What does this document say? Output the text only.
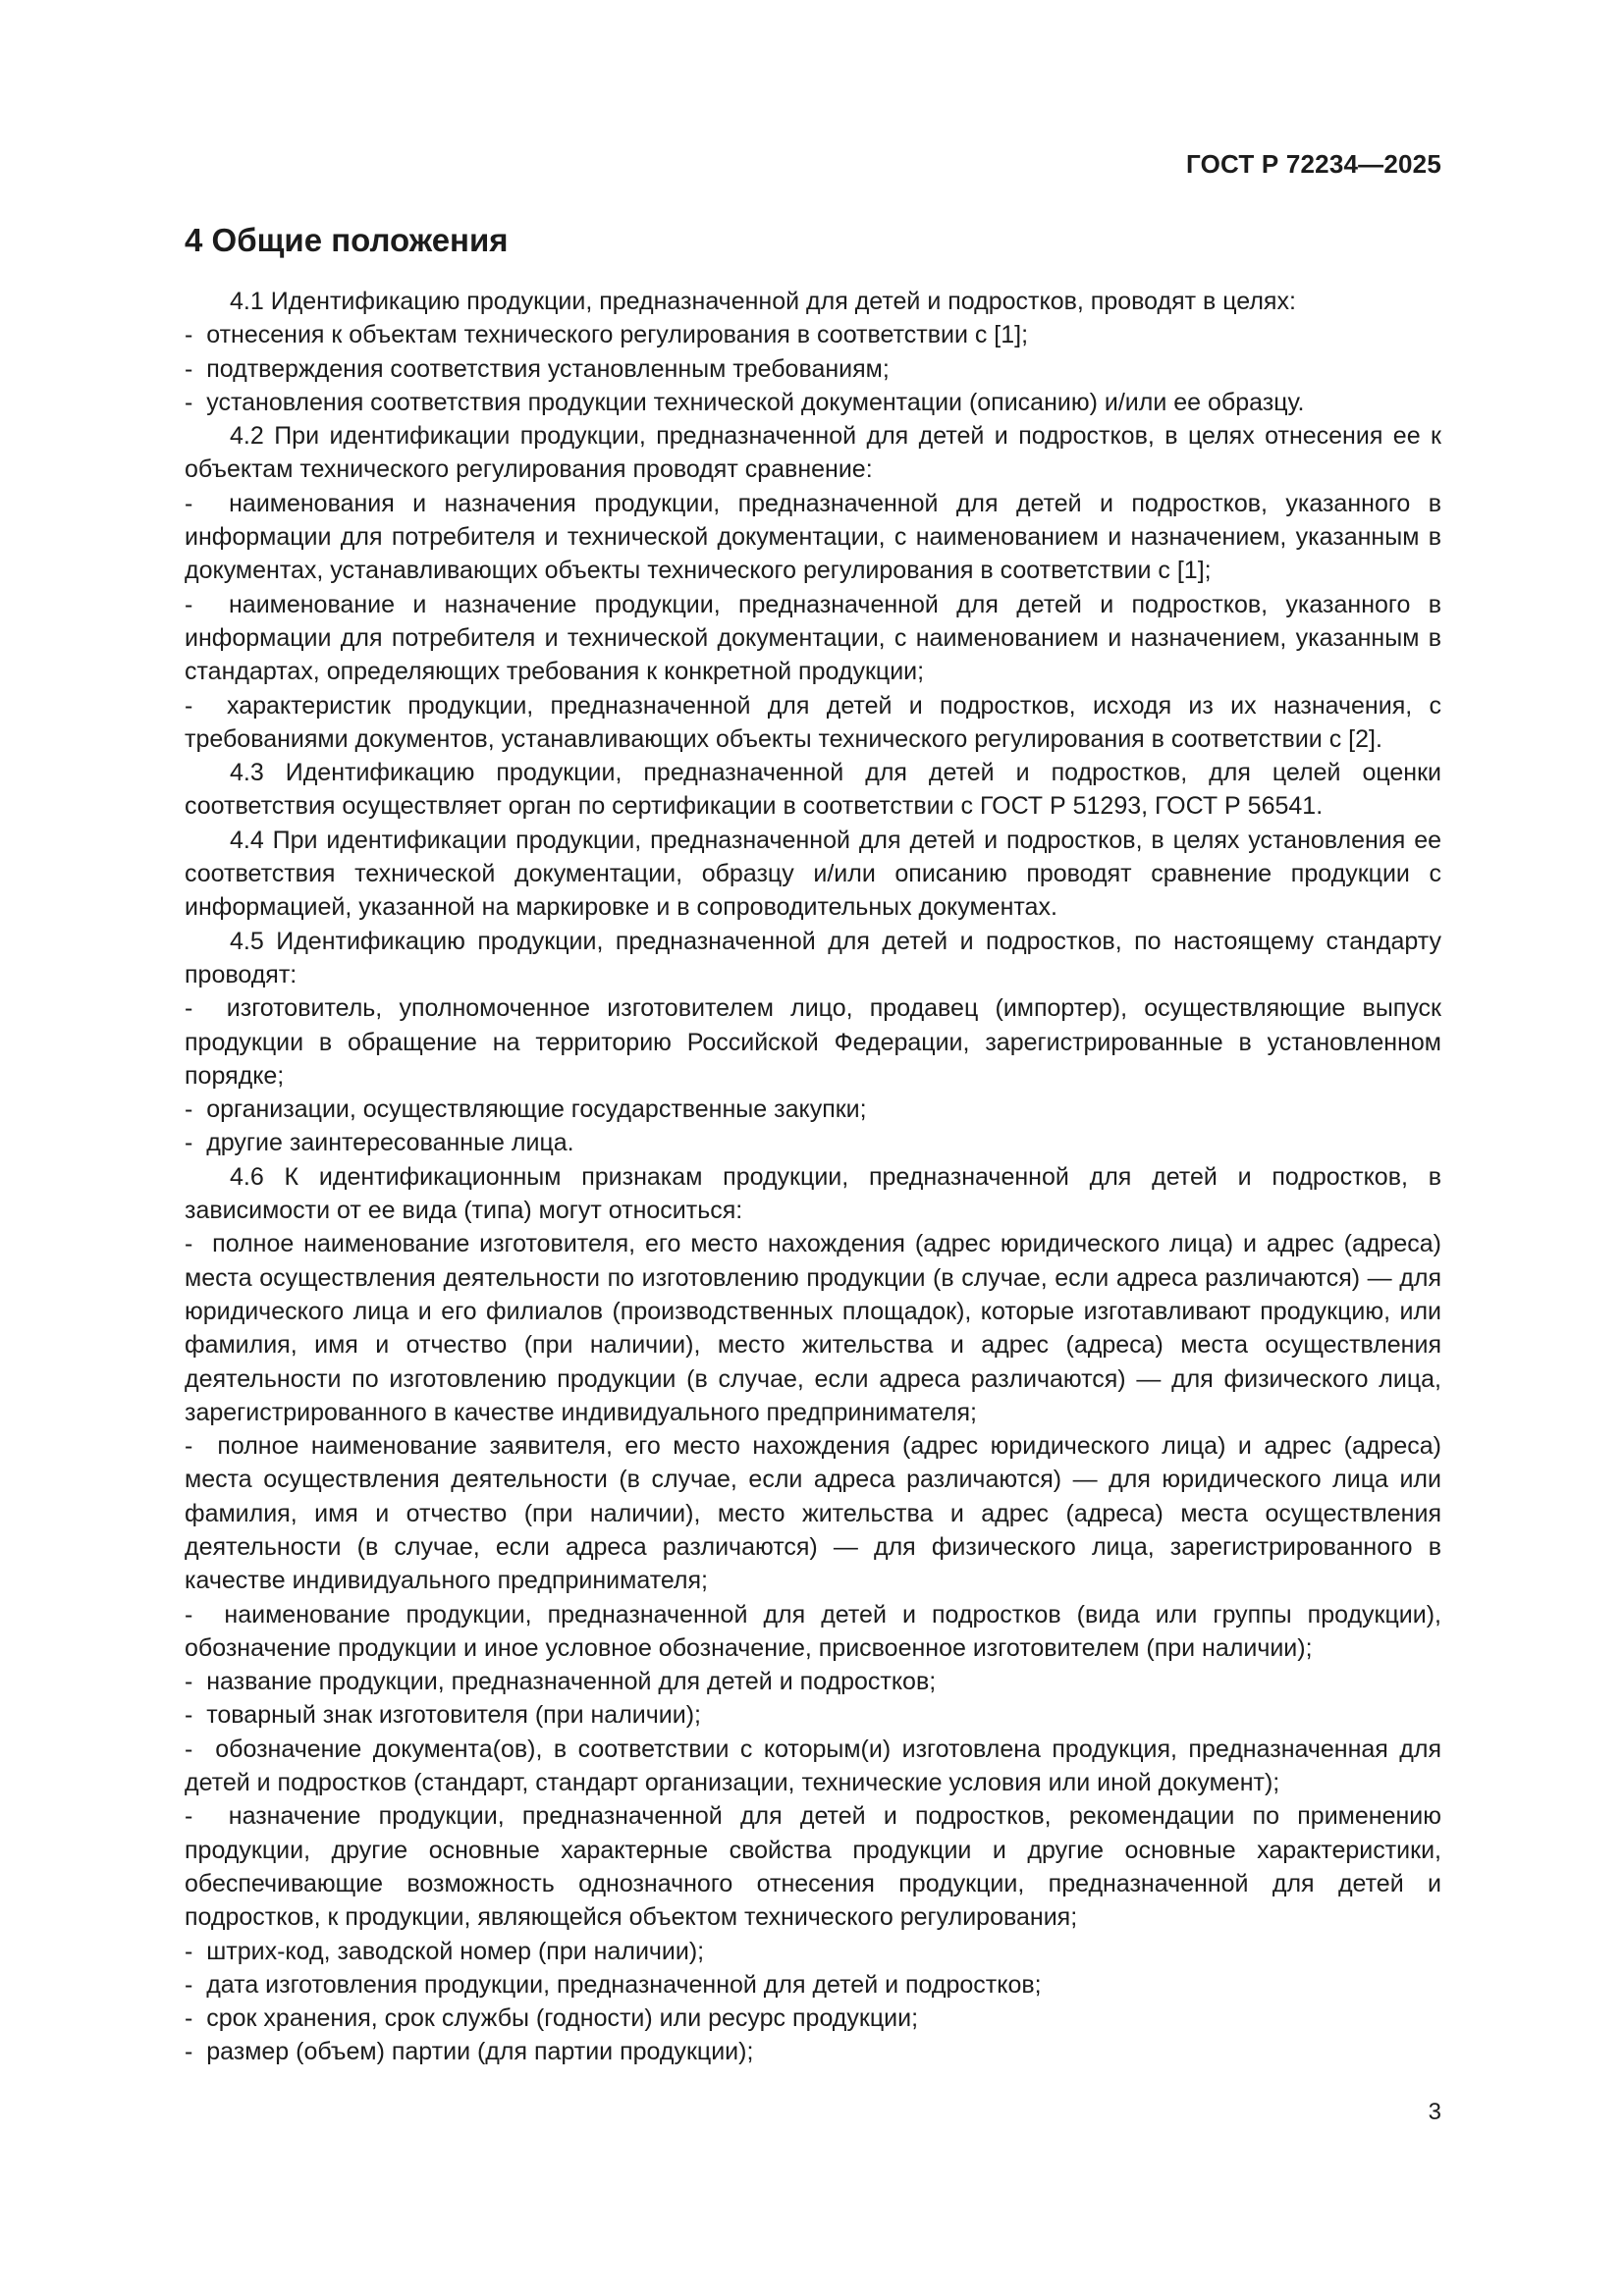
ГОСТ Р 72234—2025
4 Общие положения

4.1 Идентификацию продукции, предназначенной для детей и подростков, проводят в целях:

-  отнесения к объектам технического регулирования в соответствии с [1];

-  подтверждения соответствия установленным требованиям;

-  установления соответствия продукции технической документации (описанию) и/или ее образцу.

4.2 При идентификации продукции, предназначенной для детей и подростков, в целях отнесения ее к объектам технического регулирования проводят сравнение:

-  наименования и назначения продукции, предназначенной для детей и подростков, указанного в информации для потребителя и технической документации, с наименованием и назначением, указанным в документах, устанавливающих объекты технического регулирования в соответствии с [1];

-  наименование и назначение продукции, предназначенной для детей и подростков, указанного в информации для потребителя и технической документации, с наименованием и назначением, указанным в стандартах, определяющих требования к конкретной продукции;

-  характеристик продукции, предназначенной для детей и подростков, исходя из их назначения, с требованиями документов, устанавливающих объекты технического регулирования в соответствии с [2].

4.3 Идентификацию продукции, предназначенной для детей и подростков, для целей оценки соответствия осуществляет орган по сертификации в соответствии с ГОСТ Р 51293, ГОСТ Р 56541.

4.4 При идентификации продукции, предназначенной для детей и подростков, в целях установления ее соответствия технической документации, образцу и/или описанию проводят сравнение продукции с информацией, указанной на маркировке и в сопроводительных документах.

4.5 Идентификацию продукции, предназначенной для детей и подростков, по настоящему стандарту проводят:

-  изготовитель, уполномоченное изготовителем лицо, продавец (импортер), осуществляющие выпуск продукции в обращение на территорию Российской Федерации, зарегистрированные в установленном порядке;

-  организации, осуществляющие государственные закупки;

-  другие заинтересованные лица.

4.6 К идентификационным признакам продукции, предназначенной для детей и подростков, в зависимости от ее вида (типа) могут относиться:

-  полное наименование изготовителя, его место нахождения (адрес юридического лица) и адрес (адреса) места осуществления деятельности по изготовлению продукции (в случае, если адреса различаются) — для юридического лица и его филиалов (производственных площадок), которые изготавливают продукцию, или фамилия, имя и отчество (при наличии), место жительства и адрес (адреса) места осуществления деятельности по изготовлению продукции (в случае, если адреса различаются) — для физического лица, зарегистрированного в качестве индивидуального предпринимателя;

-  полное наименование заявителя, его место нахождения (адрес юридического лица) и адрес (адреса) места осуществления деятельности (в случае, если адреса различаются) — для юридического лица или фамилия, имя и отчество (при наличии), место жительства и адрес (адреса) места осуществления деятельности (в случае, если адреса различаются) — для физического лица, зарегистрированного в качестве индивидуального предпринимателя;

-  наименование продукции, предназначенной для детей и подростков (вида или группы продукции), обозначение продукции и иное условное обозначение, присвоенное изготовителем (при наличии);

-  название продукции, предназначенной для детей и подростков;

-  товарный знак изготовителя (при наличии);

-  обозначение документа(ов), в соответствии с которым(и) изготовлена продукция, предназначенная для детей и подростков (стандарт, стандарт организации, технические условия или иной документ);

-  назначение продукции, предназначенной для детей и подростков, рекомендации по применению продукции, другие основные характерные свойства продукции и другие основные характеристики, обеспечивающие возможность однозначного отнесения продукции, предназначенной для детей и подростков, к продукции, являющейся объектом технического регулирования;

-  штрих-код, заводской номер (при наличии);

-  дата изготовления продукции, предназначенной для детей и подростков;

-  срок хранения, срок службы (годности) или ресурс продукции;

-  размер (объем) партии (для партии продукции);

3
